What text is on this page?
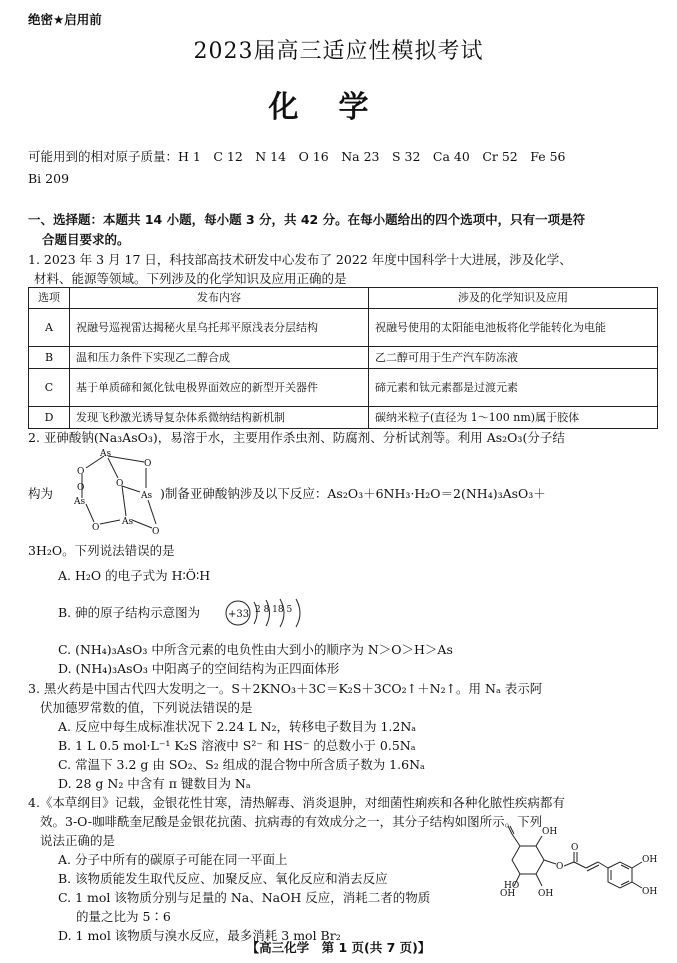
绝密★启用前
2023届高三适应性模拟考试
化学
可能用到的相对原子质量：H 1　C 12　N 14　O 16　Na 23　S 32　Ca 40　Cr 52　Fe 56
Bi 209
一、选择题：本题共 14 小题，每小题 3 分，共 42 分。在每小题给出的四个选项中，只有一项是符
合题目要求的。
1. 2023 年 3 月 17 日，科技部高技术研发中心发布了 2022 年度中国科学十大进展，涉及化学、
材料、能源等领域。下列涉及的化学知识及应用正确的是
选项	发布内容	涉及的化学知识及应用
A	祝融号巡视雷达揭秘火星乌托邦平原浅表分层结构	祝融号使用的太阳能电池板将化学能转化为电能
B	温和压力条件下实现乙二醇合成	乙二醇可用于生产汽车防冻液
C	基于单质碲和氮化钛电极界面效应的新型开关器件	碲元素和钛元素都是过渡元素
D	发现飞秒激光诱导复杂体系微纳结构新机制	碳纳米粒子(直径为 1～100 nm)属于胶体
2. 亚砷酸钠(Na₃AsO₃)，易溶于水，主要用作杀虫剂、防腐剂、分析试剂等。利用 As₂O₃(分子结
构为
As
O
O
As
O
As
As
O	O
O	)制备亚砷酸钠涉及以下反应：As₂O₃＋6NH₃·H₂O＝2(NH₄)₃AsO₃＋
3H₂O。下列说法错误的是
A. H₂O 的电子式为 H∶Ö∶H
B. 砷的原子结构示意图为	+33 2 8 18 5
C. (NH₄)₃AsO₃ 中所含元素的电负性由大到小的顺序为 N＞O＞H＞As
D. (NH₄)₃AsO₃ 中阳离子的空间结构为正四面体形
3. 黑火药是中国古代四大发明之一。S＋2KNO₃＋3C＝K₂S＋3CO₂↑＋N₂↑。用 Nₐ 表示阿
伏加德罗常数的值，下列说法错误的是
A. 反应中每生成标准状况下 2.24 L N₂，转移电子数目为 1.2Nₐ
B. 1 L 0.5 mol·L⁻¹ K₂S 溶液中 S²⁻ 和 HS⁻ 的总数小于 0.5Nₐ
C. 常温下 3.2 g 由 SO₂、S₂ 组成的混合物中所含质子数为 1.6Nₐ
D. 28 g N₂ 中含有 π 键数目为 Nₐ
4.《本草纲目》记载，金银花性甘寒，清热解毒、消炎退肿，对细菌性痢疾和各种化脓性疾病都有
效。3-O-咖啡酰奎尼酸是金银花抗菌、抗病毒的有效成分之一，其分子结构如图所示。下列
说法正确的是
A. 分子中所有的碳原子可能在同一平面上
B. 该物质能发生取代反应、加聚反应、氧化反应和消去反应
C. 1 mol 该物质分别与足量的 Na、NaOH 反应，消耗二者的物质
的量之比为 5∶6
D. 1 mol 该物质与溴水反应，最多消耗 3 mol Br₂
OH
OH
HO
OH
O
O
OH
OH
【高三化学　第 1 页(共 7 页)】
